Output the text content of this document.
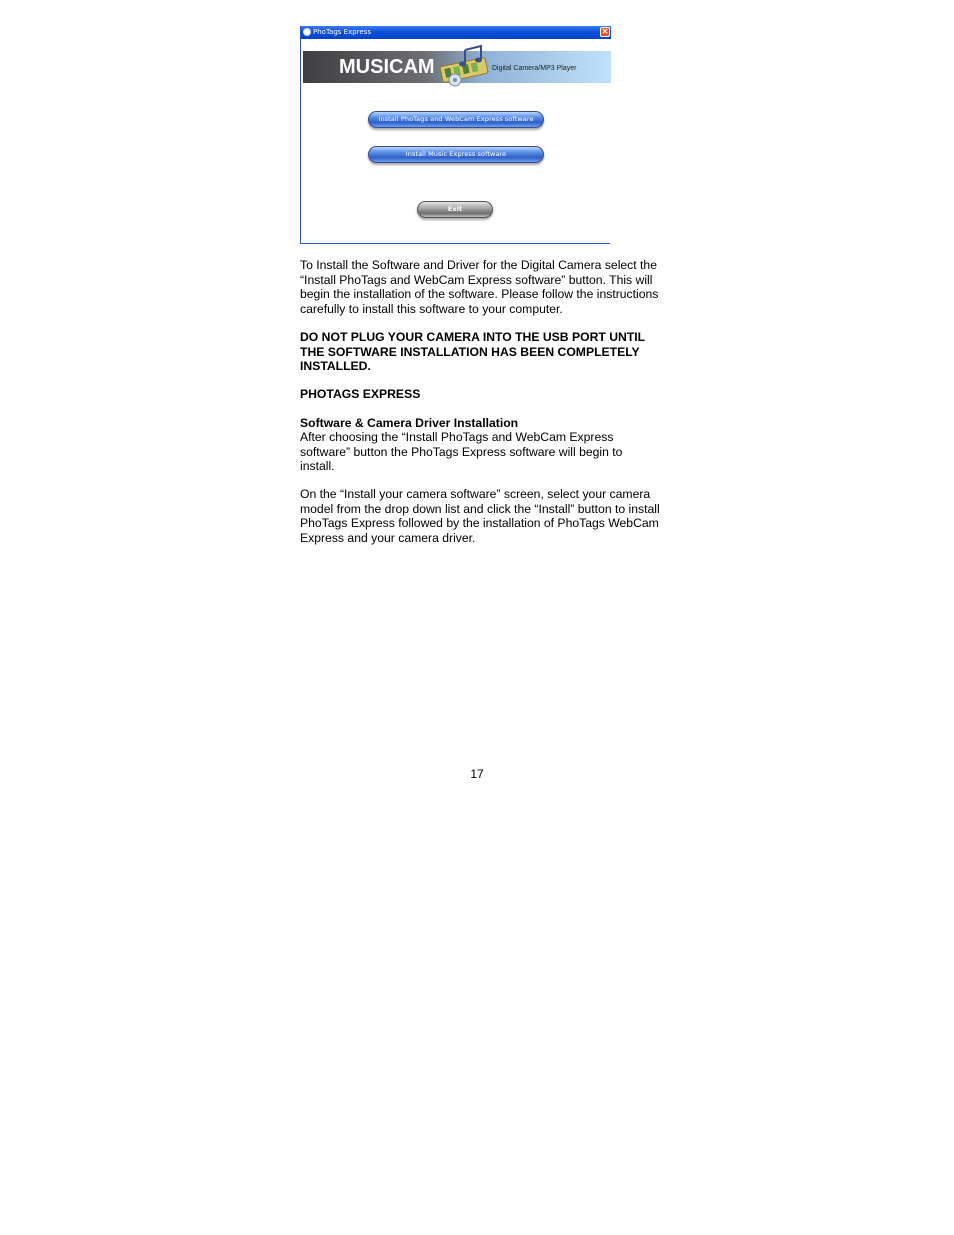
PhoTags Express	✕
MUSICAM	Digital Camera/MP3 Player
Install PhoTags and WebCam Express software
Install Music Express software
Exit

To Install the Software and Driver for the Digital Camera select the “Install PhoTags and WebCam Express software” button. This will begin the installation of the software. Please follow the instructions carefully to install this software to your computer.

DO NOT PLUG YOUR CAMERA INTO THE USB PORT UNTIL THE SOFTWARE INSTALLATION HAS BEEN COMPLETELY INSTALLED.

PHOTAGS EXPRESS

Software & Camera Driver Installation

After choosing the “Install PhoTags and WebCam Express software” button the PhoTags Express software will begin to install.

On the “Install your camera software” screen, select your camera model from the drop down list and click the “Install” button to install PhoTags Express followed by the installation of PhoTags WebCam Express and your camera driver.

17
